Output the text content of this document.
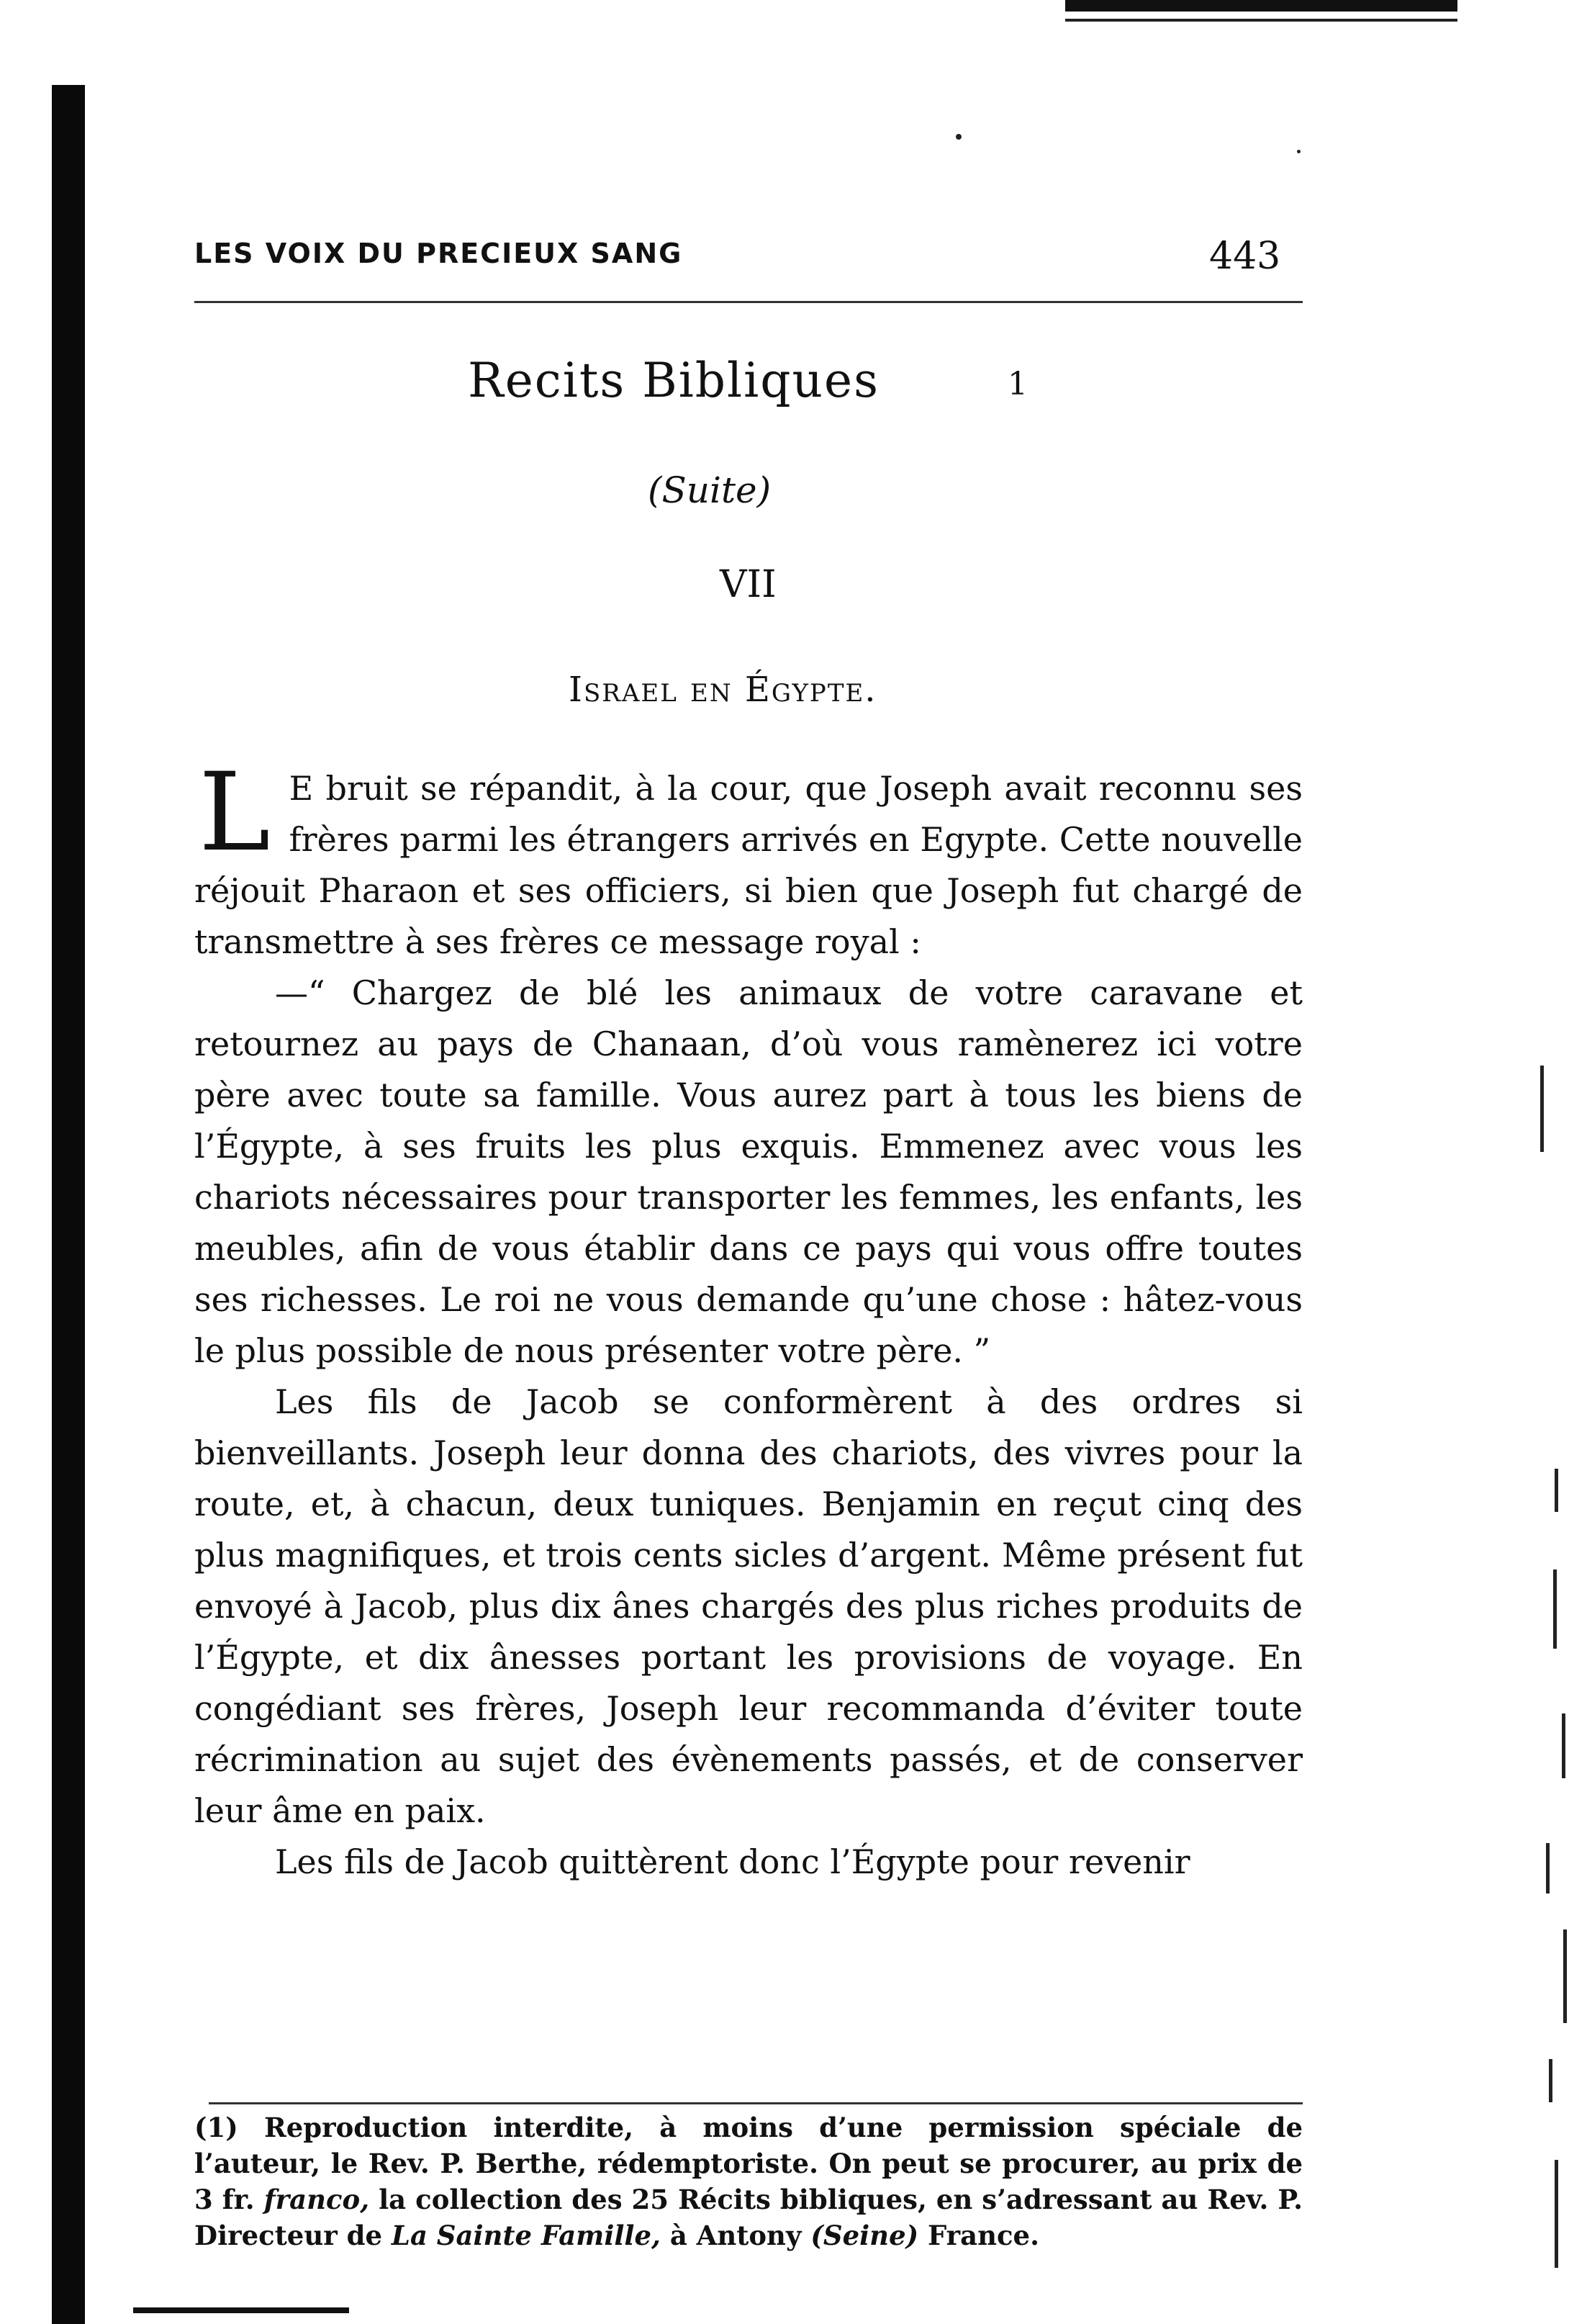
LES VOIX DU PRECIEUX SANG	443
Recits Bibliques	1
(Suite)
VII
Israel en Égypte.

L E bruit se répandit, à la cour, que Joseph avait reconnu ses frères parmi les étrangers arrivés en Egypte. Cette nouvelle réjouit Pharaon et ses officiers, si bien que Joseph fut chargé de transmettre à ses frères ce message royal :

—“ Chargez de blé les animaux de votre caravane et retournez au pays de Chanaan, d’où vous ramènerez ici votre père avec toute sa famille. Vous aurez part à tous les biens de l’Égypte, à ses fruits les plus exquis. Emmenez avec vous les chariots nécessaires pour transporter les femmes, les enfants, les meubles, afin de vous établir dans ce pays qui vous offre toutes ses richesses. Le roi ne vous demande qu’une chose : hâtez-vous le plus possible de nous présenter votre père. ”

Les fils de Jacob se conformèrent à des ordres si bienveillants. Joseph leur donna des chariots, des vivres pour la route, et, à chacun, deux tuniques. Benjamin en reçut cinq des plus magnifiques, et trois cents sicles d’argent. Même présent fut envoyé à Jacob, plus dix ânes chargés des plus riches produits de l’Égypte, et dix ânesses portant les provisions de voyage. En congédiant ses frères, Joseph leur recommanda d’éviter toute récrimination au sujet des évènements passés, et de conserver leur âme en paix.

Les fils de Jacob quittèrent donc l’Égypte pour revenir

(1) Reproduction interdite, à moins d’une permission spéciale de l’auteur, le Rev. P. Berthe, rédemptoriste. On peut se procurer, au prix de 3 fr. franco, la collection des 25 Récits bibliques, en s’adressant au Rev. P. Directeur de La Sainte Famille, à Antony (Seine) France.
